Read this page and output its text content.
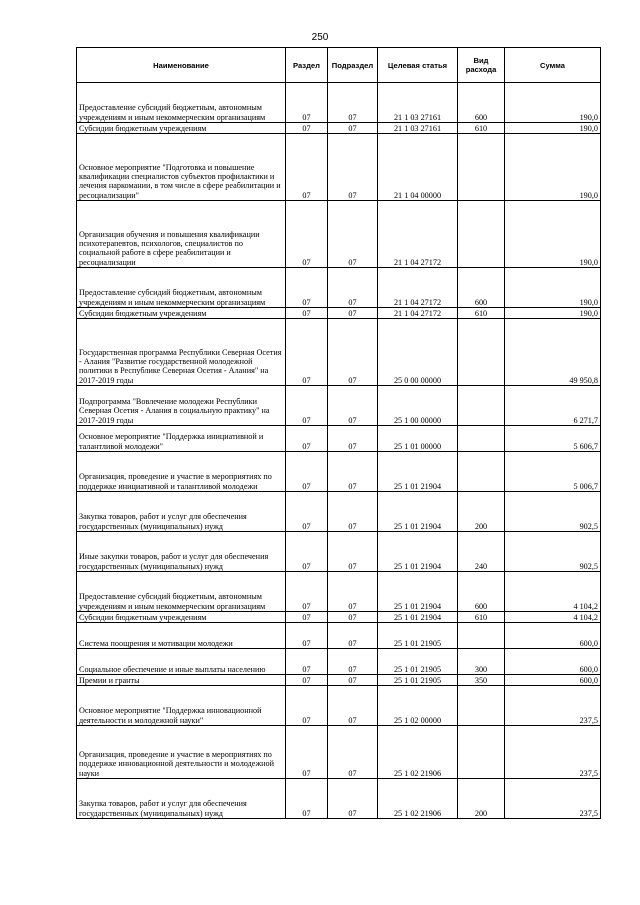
250
Наименование	Раздел	Подраздел	Целевая статья	Вид расхода	Сумма
Предоставление субсидий бюджетным, автономным учреждениям и иным некоммерческим организациям	07	07	21 1 03 27161	600	190,0
Субсидии бюджетным учреждениям	07	07	21 1 03 27161	610	190,0
Основное мероприятие "Подготовка и повышение квалификации специалистов субъектов профилактики и лечения наркомании, в том числе в сфере реабилитации и ресоциализации"	07	07	21 1 04 00000		190,0
Организация обучения и повышения квалификации психотерапевтов, психологов, специалистов по социальной работе в сфере реабилитации и ресоциализации	07	07	21 1 04 27172		190,0
Предоставление субсидий бюджетным, автономным учреждениям и иным некоммерческим организациям	07	07	21 1 04 27172	600	190,0
Субсидии бюджетным учреждениям	07	07	21 1 04 27172	610	190,0
Государственная программа Республики Северная Осетия - Алания "Развитие государственной молодежной политики в Республике Северная Осетия - Алания" на 2017-2019 годы	07	07	25 0 00 00000		49 950,8
Подпрограмма "Вовлечение молодежи Республики Северная Осетия - Алания в социальную практику" на 2017-2019 годы	07	07	25 1 00 00000		6 271,7
Основное мероприятие "Поддержка инициативной и талантливой молодежи"	07	07	25 1 01 00000		5 606,7
Организация, проведение и участие в мероприятиях по поддержке инициативной и талантливой молодежи	07	07	25 1 01 21904		5 006,7
Закупка товаров, работ и услуг для обеспечения государственных (муниципальных) нужд	07	07	25 1 01 21904	200	902,5
Иные закупки товаров, работ и услуг для обеспечения государственных (муниципальных) нужд	07	07	25 1 01 21904	240	902,5
Предоставление субсидий бюджетным, автономным учреждениям и иным некоммерческим организациям	07	07	25 1 01 21904	600	4 104,2
Субсидии бюджетным учреждениям	07	07	25 1 01 21904	610	4 104,2
Система поощрения и мотивации молодежи	07	07	25 1 01 21905		600,0
Социальное обеспечение и иные выплаты населению	07	07	25 1 01 21905	300	600,0
Премии и гранты	07	07	25 1 01 21905	350	600,0
Основное мероприятие "Поддержка инновационной деятельности и молодежной науки"	07	07	25 1 02 00000		237,5
Организация, проведение и участие в мероприятиях по поддержке инновационной деятельности и молодежной науки	07	07	25 1 02 21906		237,5
Закупка товаров, работ и услуг для обеспечения государственных (муниципальных) нужд	07	07	25 1 02 21906	200	237,5
